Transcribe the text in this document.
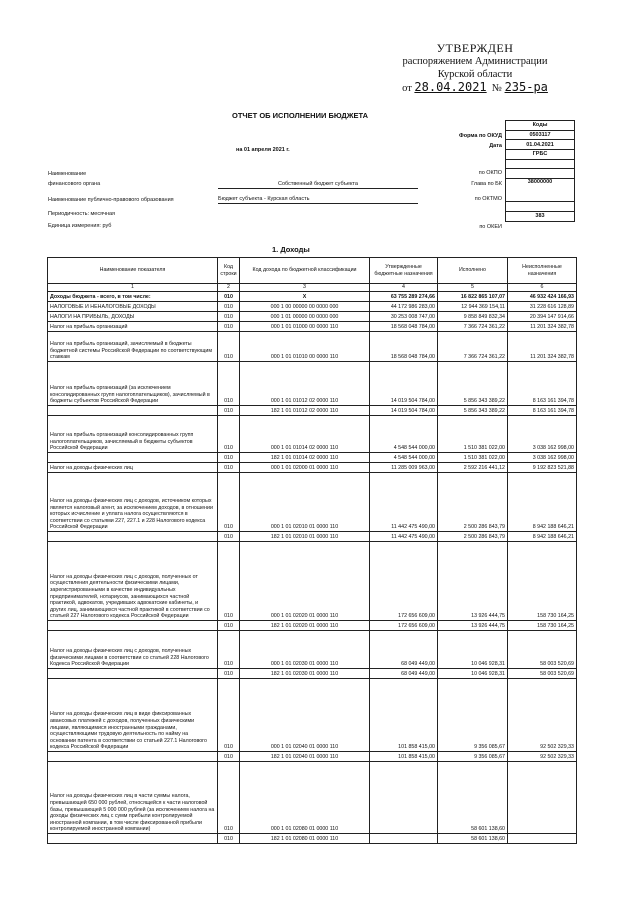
УТВЕРЖДЕН
распоряжением Администрации
Курской области
от 28.04.2021 № 235-ра
ОТЧЕТ ОБ ИСПОЛНЕНИИ БЮДЖЕТА
на 01 апреля 2021 г.
Коды
0503117
01.04.2021
ГРБС

38000000

383
Форма по ОКУД
Дата
по ОКПО
Глава по БК
по ОКТМО
по ОКЕИ
Наименование
финансового органа	Собственный бюджет субъекта
Наименование публично-правового образования	Бюджет субъекта - Курская область
Периодичность: месячная
Единица измерения: руб
1. Доходы
Наименование показателя	Код строки	Код дохода по бюджетной классификации	Утвержденные бюджетные назначения	Исполнено	Неисполненные назначения
1	2	3	4	5	6
Доходы бюджета - всего, в том числе:	010	X	63 755 289 274,66	16 822 865 107,07	46 932 424 166,93
НАЛОГОВЫЕ И НЕНАЛОГОВЫЕ ДОХОДЫ	010	000 1 00 00000 00 0000 000	44 172 986 283,00	12 944 369 154,11	31 228 616 128,89
НАЛОГИ НА ПРИБЫЛЬ, ДОХОДЫ	010	000 1 01 00000 00 0000 000	30 253 008 747,00	9 858 849 832,34	20 394 147 914,66
Налог на прибыль организаций	010	000 1 01 01000 00 0000 110	18 568 048 784,00	7 366 724 361,22	11 201 324 382,78
Налог на прибыль организаций, зачисляемый в бюджеты бюджетной системы Российской Федерации по соответствующим ставкам	010	000 1 01 01010 00 0000 110	18 568 048 784,00	7 366 724 361,22	11 201 324 382,78
Налог на прибыль организаций (за исключением консолидированных групп налогоплательщиков), зачисляемый в бюджеты субъектов Российской Федерации	010	000 1 01 01012 02 0000 110	14 019 504 784,00	5 856 343 389,22	8 163 161 394,78
	010	182 1 01 01012 02 0000 110	14 019 504 784,00	5 856 343 389,22	8 163 161 394,78
Налог на прибыль организаций консолидированных групп налогоплательщиков, зачисляемый в бюджеты субъектов Российской Федерации	010	000 1 01 01014 02 0000 110	4 548 544 000,00	1 510 381 022,00	3 038 162 998,00
	010	182 1 01 01014 02 0000 110	4 548 544 000,00	1 510 381 022,00	3 038 162 998,00
Налог на доходы физических лиц	010	000 1 01 02000 01 0000 110	11 285 009 963,00	2 592 216 441,12	9 192 823 521,88
Налог на доходы физических лиц с доходов, источником которых является налоговый агент, за исключением доходов, в отношении которых исчисление и уплата налога осуществляются в соответствии со статьями 227, 227.1 и 228 Налогового кодекса Российской Федерации	010	000 1 01 02010 01 0000 110	11 442 475 490,00	2 500 286 843,79	8 942 188 646,21
	010	182 1 01 02010 01 0000 110	11 442 475 490,00	2 500 286 843,79	8 942 188 646,21
Налог на доходы физических лиц с доходов, полученных от осуществления деятельности физическими лицами, зарегистрированными в качестве индивидуальных предпринимателей, нотариусов, занимающихся частной практикой, адвокатов, учредивших адвокатские кабинеты, и других лиц, занимающихся частной практикой в соответствии со статьей 227 Налогового кодекса Российской Федерации	010	000 1 01 02020 01 0000 110	172 656 609,00	13 926 444,75	158 730 164,25
	010	182 1 01 02020 01 0000 110	172 656 609,00	13 926 444,75	158 730 164,25
Налог на доходы физических лиц с доходов, полученных физическими лицами в соответствии со статьей 228 Налогового Кодекса Российской Федерации	010	000 1 01 02030 01 0000 110	68 049 449,00	10 046 928,31	58 003 520,69
	010	182 1 01 02030 01 0000 110	68 049 449,00	10 046 928,31	58 003 520,69
Налог на доходы физических лиц в виде фиксированных авансовых платежей с доходов, полученных физическими лицами, являющимися иностранными гражданами, осуществляющими трудовую деятельность по найму на основании патента в соответствии со статьей 227.1 Налогового кодекса Российской Федерации	010	000 1 01 02040 01 0000 110	101 858 415,00	9 356 085,67	92 502 329,33
	010	182 1 01 02040 01 0000 110	101 858 415,00	9 356 085,67	92 502 329,33
Налог на доходы физических лиц в части суммы налога, превышающей 650 000 рублей, относящейся к части налоговой базы, превышающей 5 000 000 рублей (за исключением налога на доходы физических лиц с сумм прибыли контролируемой иностранной компании, в том числе фиксированной прибыли контролируемой иностранной компании)	010	000 1 01 02080 01 0000 110		58 601 138,60	
	010	182 1 01 02080 01 0000 110		58 601 138,60	
